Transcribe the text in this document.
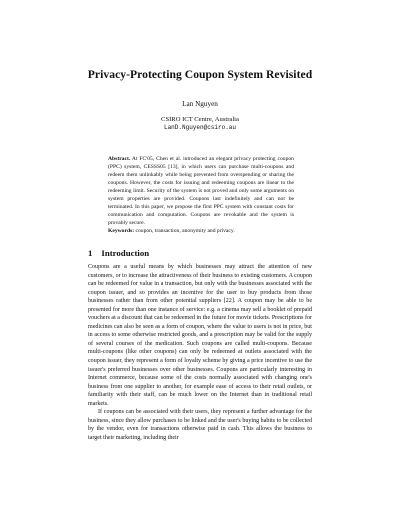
Privacy-Protecting Coupon System Revisited
Lan Nguyen
CSIRO ICT Centre, Australia
LanD.Nguyen@csiro.au
Abstract. At FC'05, Chen et al. introduced an elegant privacy protecting coupon (PPC) system, CESSS05 [13], in which users can purchase multi-coupons and redeem them unlinkably while being prevented from overspending or sharing the coupons. However, the costs for issuing and redeeming coupons are linear to the redeeming limit. Security of the system is not proved and only some arguments on system properties are provided. Coupons last indefinitely and can not be terminated. In this paper, we propose the first PPC system with constant costs for communication and computation. Coupons are revokable and the system is provably secure.
Keywords: coupon, transaction, anonymity and privacy.
1 Introduction

Coupons are a useful means by which businesses may attract the attention of new customers, or to increase the attractiveness of their business to existing customers. A coupon can be redeemed for value in a transaction, but only with the businesses associated with the coupon issuer, and so provides an incentive for the user to buy products from those businesses rather than from other potential suppliers [22]. A coupon may be able to be presented for more than one instance of service: e.g. a cinema may sell a booklet of prepaid vouchers at a discount that can be redeemed in the future for movie tickets. Prescriptions for medicines can also be seen as a form of coupon, where the value to users is not in price, but in access to some otherwise restricted goods, and a prescription may be valid for the supply of several courses of the medication. Such coupons are called multi-coupons. Because multi-coupons (like other coupons) can only be redeemed at outlets associated with the coupon issuer, they represent a form of loyalty scheme by giving a price incentive to use the issuer's preferred businesses over other businesses. Coupons are particularly interesting in Internet commerce, because some of the costs normally associated with changing one's business from one supplier to another, for example ease of access to their retail outlets, or familiarity with their staff, can be much lower on the Internet than in traditional retail markets.

If coupons can be associated with their users, they represent a further advantage for the business, since they allow purchases to be linked and the user's buying habits to be collected by the vendor, even for transactions otherwise paid in cash. This allows the business to target their marketing, including their
